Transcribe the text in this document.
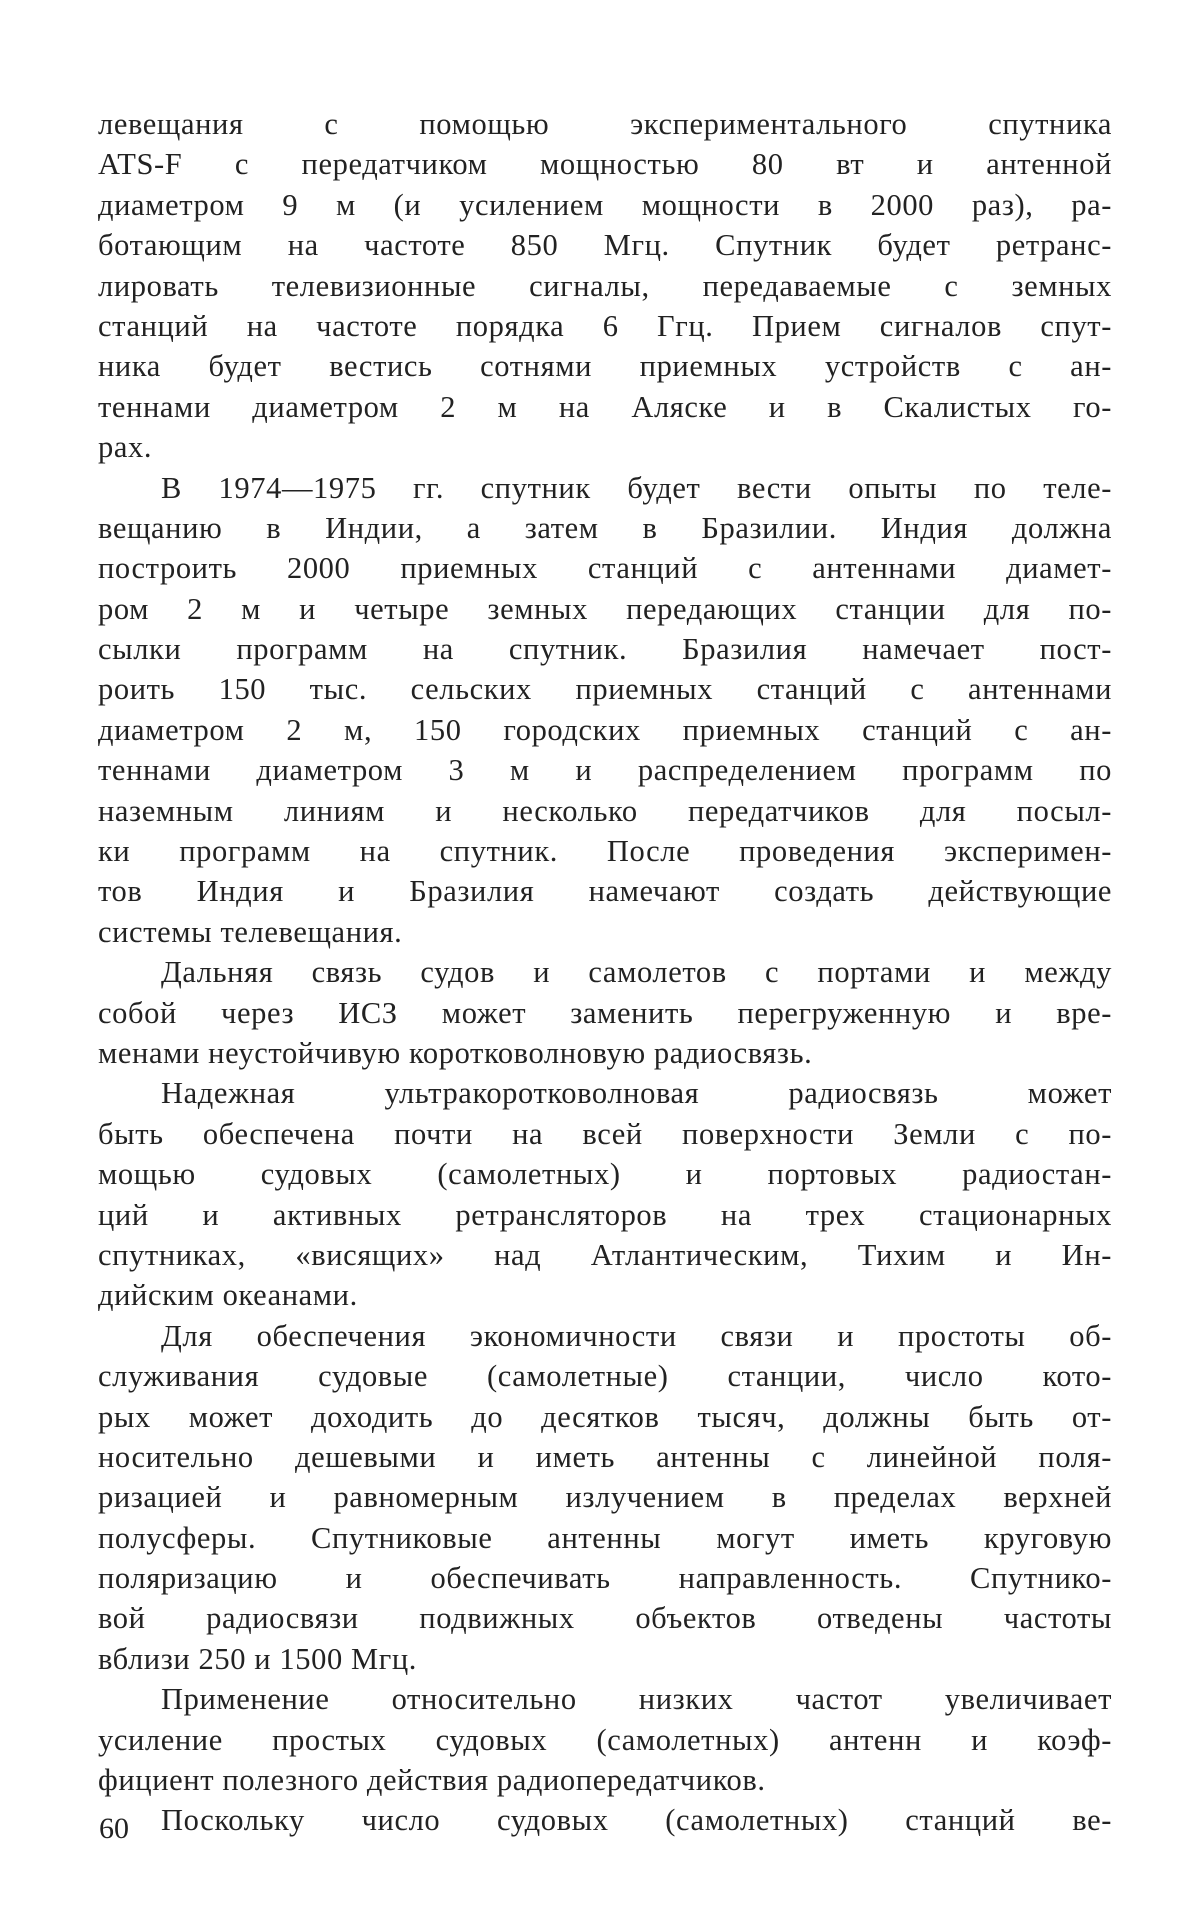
левещания с помощью экспериментального спутника
ATS-F с передатчиком мощностью 80 вт и антенной
диаметром 9 м (и усилением мощности в 2000 раз), ра-
ботающим на частоте 850 Мгц. Спутник будет ретранс-
лировать телевизионные сигналы, передаваемые с земных
станций на частоте порядка 6 Ггц. Прием сигналов спут-
ника будет вестись сотнями приемных устройств с ан-
теннами диаметром 2 м на Аляске и в Скалистых го-
рах.
В 1974—1975 гг. спутник будет вести опыты по теле-
вещанию в Индии, а затем в Бразилии. Индия должна
построить 2000 приемных станций с антеннами диамет-
ром 2 м и четыре земных передающих станции для по-
сылки программ на спутник. Бразилия намечает пост-
роить 150 тыс. сельских приемных станций с антеннами
диаметром 2 м, 150 городских приемных станций с ан-
теннами диаметром 3 м и распределением программ по
наземным линиям и несколько передатчиков для посыл-
ки программ на спутник. После проведения эксперимен-
тов Индия и Бразилия намечают создать действующие
системы телевещания.
Дальняя связь судов и самолетов с портами и между
собой через ИСЗ может заменить перегруженную и вре-
менами неустойчивую коротковолновую радиосвязь.
Надежная ультракоротковолновая радиосвязь может
быть обеспечена почти на всей поверхности Земли с по-
мощью судовых (самолетных) и портовых радиостан-
ций и активных ретрансляторов на трех стационарных
спутниках, «висящих» над Атлантическим, Тихим и Ин-
дийским океанами.
Для обеспечения экономичности связи и простоты об-
служивания судовые (самолетные) станции, число кото-
рых может доходить до десятков тысяч, должны быть от-
носительно дешевыми и иметь антенны с линейной поля-
ризацией и равномерным излучением в пределах верхней
полусферы. Спутниковые антенны могут иметь круговую
поляризацию и обеспечивать направленность. Спутнико-
вой радиосвязи подвижных объектов отведены частоты
вблизи 250 и 1500 Мгц.
Применение относительно низких частот увеличивает
усиление простых судовых (самолетных) антенн и коэф-
фициент полезного действия радиопередатчиков.
Поскольку число судовых (самолетных) станций ве-
60
